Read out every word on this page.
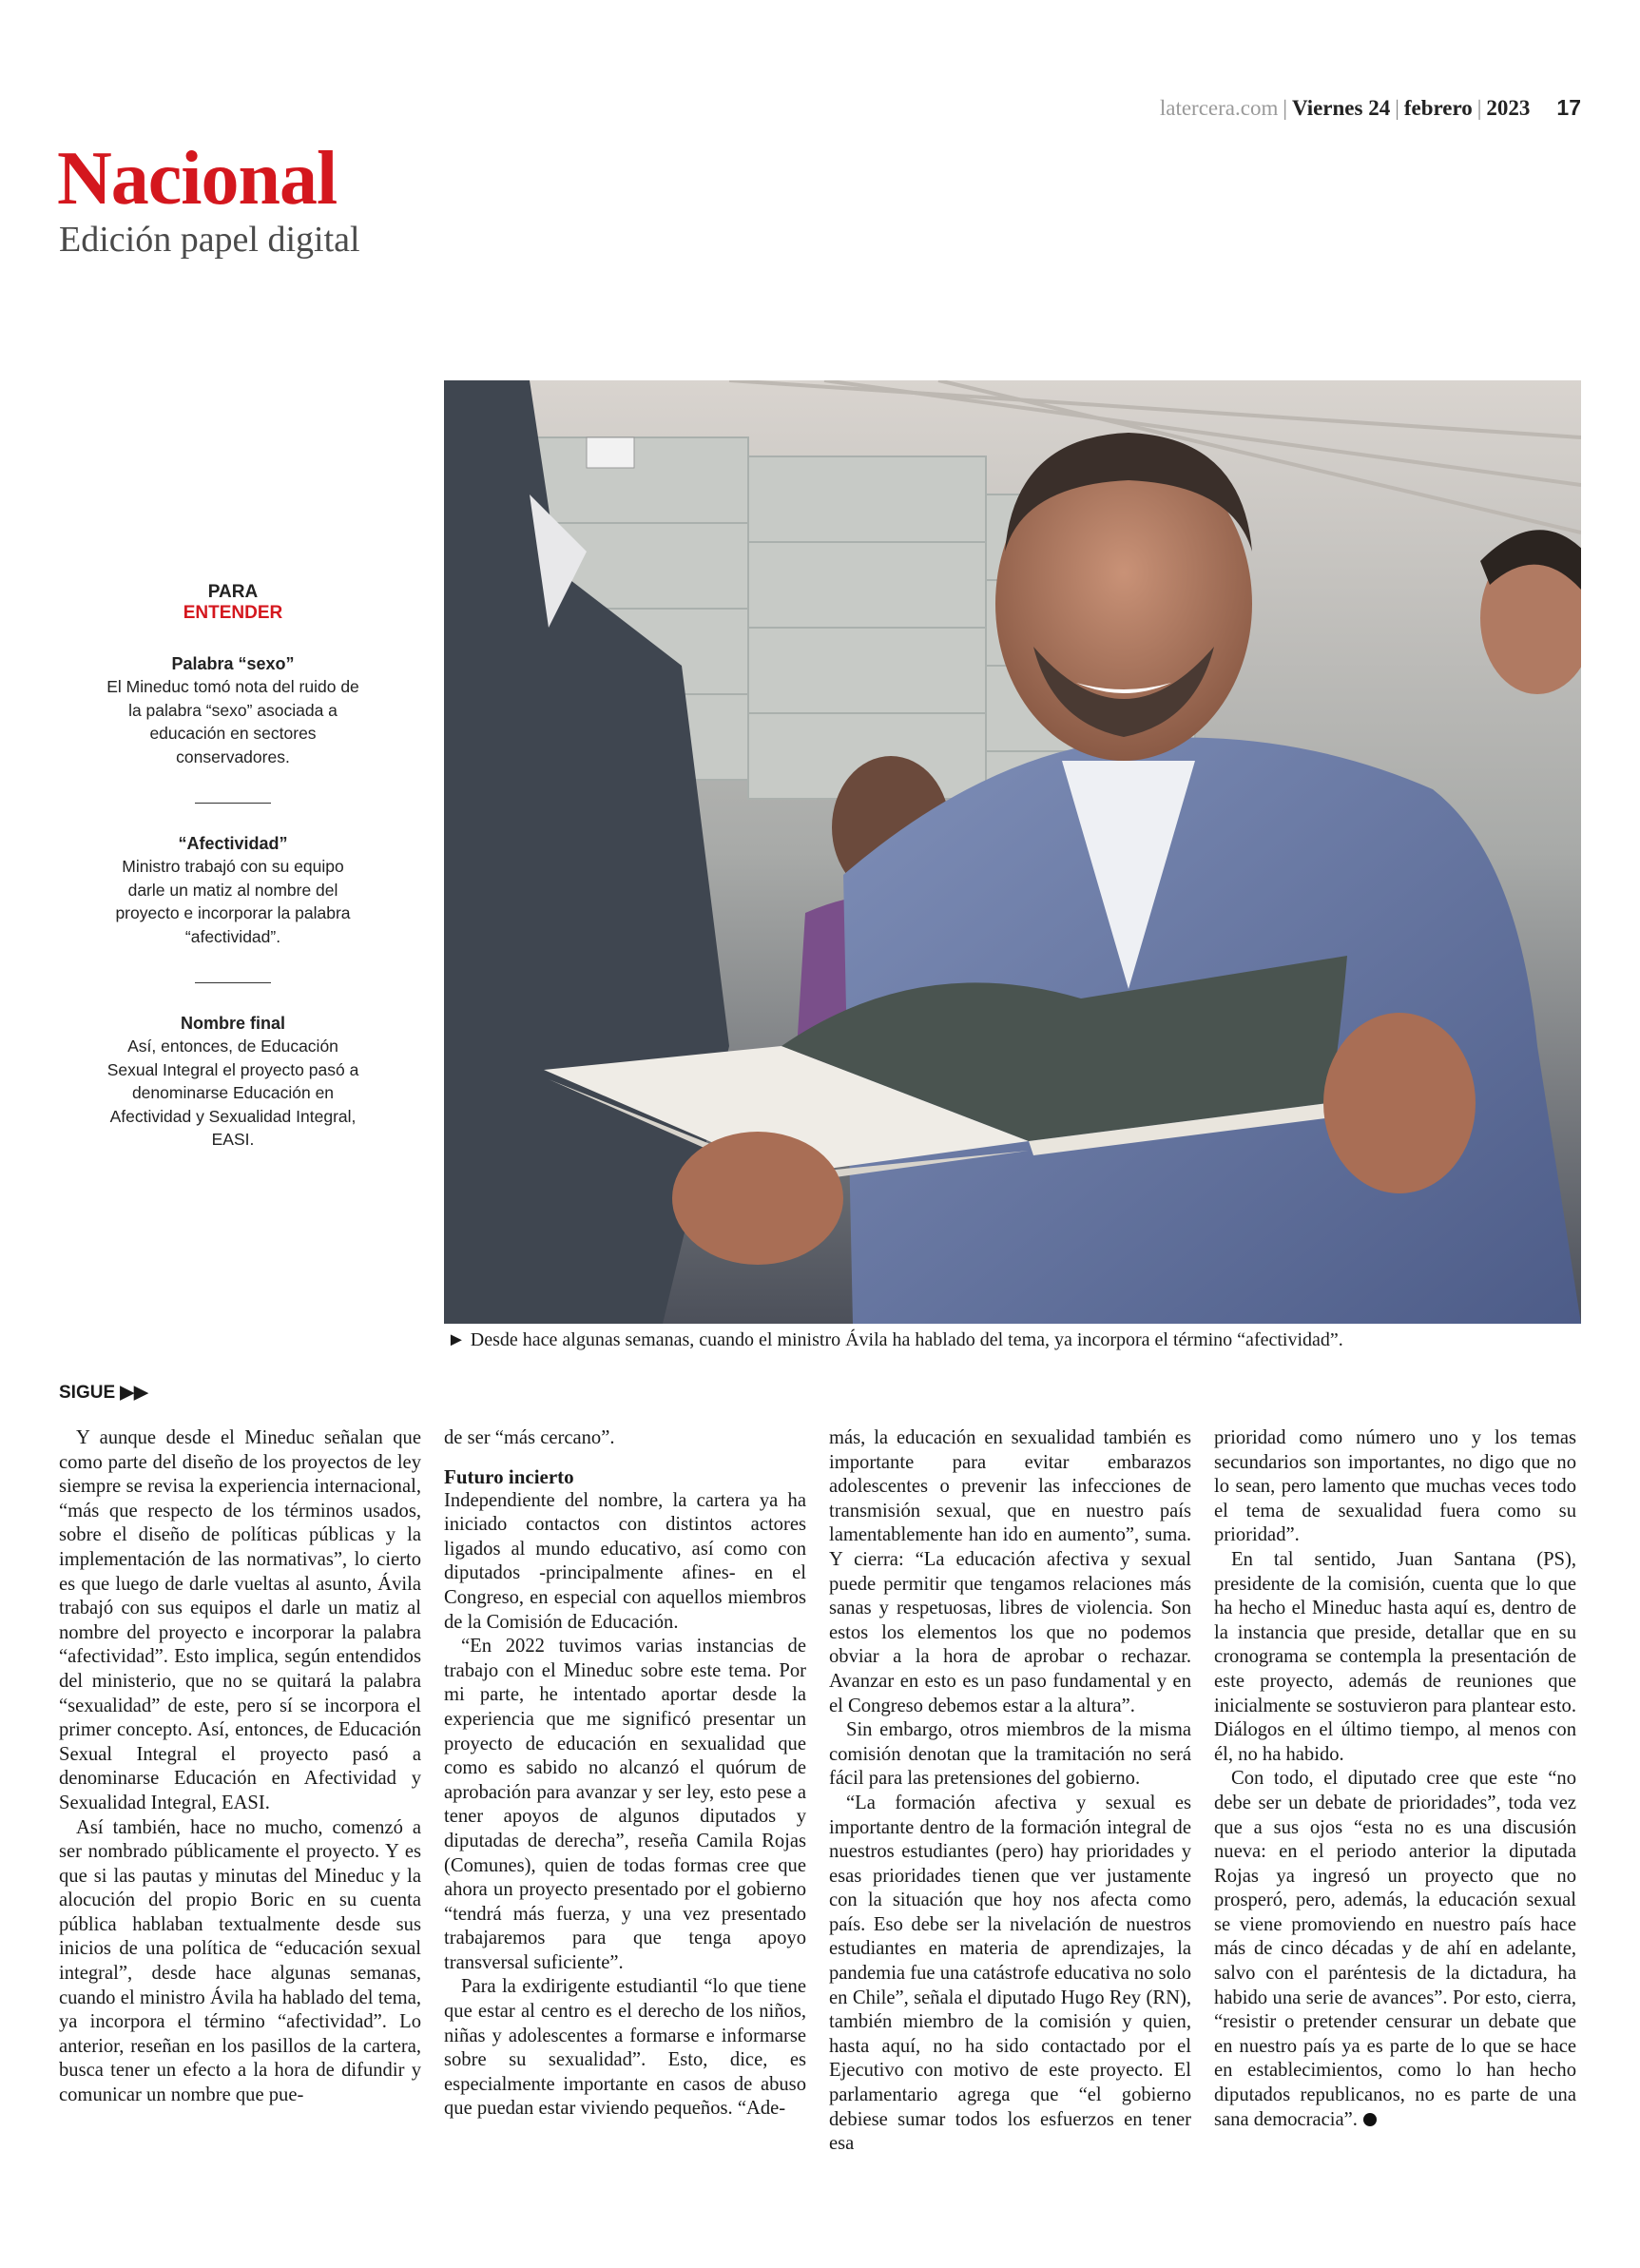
latercera.com | Viernes 24 | febrero | 2023 17
Nacional
Edición papel digital
► Desde hace algunas semanas, cuando el ministro Ávila ha hablado del tema, ya incorpora el término “afectividad”.
PARA
ENTENDER
Palabra “sexo”

El Mineduc tomó nota del ruido de la palabra “sexo” asociada a educación en sectores conservadores.

“Afectividad”

Ministro trabajó con su equipo darle un matiz al nombre del proyecto e incorporar la palabra “afectividad”.

Nombre final

Así, entonces, de Educación Sexual Integral el proyecto pasó a denominarse Educación en Afectividad y Sexualidad Integral, EASI.

SIGUE ▶▶

Y aunque desde el Mineduc señalan que como parte del diseño de los proyectos de ley siempre se revisa la experiencia internacional, “más que respecto de los términos usados, sobre el diseño de políticas públicas y la implementación de las normativas”, lo cierto es que luego de darle vueltas al asunto, Ávila trabajó con sus equipos el darle un matiz al nombre del proyecto e incorporar la palabra “afectividad”. Esto implica, según entendidos del ministerio, que no se quitará la palabra “sexualidad” de este, pero sí se incorpora el primer concepto. Así, entonces, de Educación Sexual Integral el proyecto pasó a denominarse Educación en Afectividad y Sexualidad Integral, EASI.

Así también, hace no mucho, comenzó a ser nombrado públicamente el proyecto. Y es que si las pautas y minutas del Mineduc y la alocución del propio Boric en su cuenta pública hablaban textualmente desde sus inicios de una política de “educación sexual integral”, desde hace algunas semanas, cuando el ministro Ávila ha hablado del tema, ya incorpora el término “afectividad”. Lo anterior, reseñan en los pasillos de la cartera, busca tener un efecto a la hora de difundir y comunicar un nombre que pue-

de ser “más cercano”.

Futuro incierto

Independiente del nombre, la cartera ya ha iniciado contactos con distintos actores ligados al mundo educativo, así como con diputados -principalmente afines- en el Congreso, en especial con aquellos miembros de la Comisión de Educación.

“En 2022 tuvimos varias instancias de trabajo con el Mineduc sobre este tema. Por mi parte, he intentado aportar desde la experiencia que me significó presentar un proyecto de educación en sexualidad que como es sabido no alcanzó el quórum de aprobación para avanzar y ser ley, esto pese a tener apoyos de algunos diputados y diputadas de derecha”, reseña Camila Rojas (Comunes), quien de todas formas cree que ahora un proyecto presentado por el gobierno “tendrá más fuerza, y una vez presentado trabajaremos para que tenga apoyo transversal suficiente”.

Para la exdirigente estudiantil “lo que tiene que estar al centro es el derecho de los niños, niñas y adolescentes a formarse e informarse sobre su sexualidad”. Esto, dice, es especialmente importante en casos de abuso que puedan estar viviendo pequeños. “Ade-

más, la educación en sexualidad también es importante para evitar embarazos adolescentes o prevenir las infecciones de transmisión sexual, que en nuestro país lamentablemente han ido en aumento”, suma. Y cierra: “La educación afectiva y sexual puede permitir que tengamos relaciones más sanas y respetuosas, libres de violencia. Son estos los elementos los que no podemos obviar a la hora de aprobar o rechazar. Avanzar en esto es un paso fundamental y en el Congreso debemos estar a la altura”.

Sin embargo, otros miembros de la misma comisión denotan que la tramitación no será fácil para las pretensiones del gobierno.

“La formación afectiva y sexual es importante dentro de la formación integral de nuestros estudiantes (pero) hay prioridades y esas prioridades tienen que ver justamente con la situación que hoy nos afecta como país. Eso debe ser la nivelación de nuestros estudiantes en materia de aprendizajes, la pandemia fue una catástrofe educativa no solo en Chile”, señala el diputado Hugo Rey (RN), también miembro de la comisión y quien, hasta aquí, no ha sido contactado por el Ejecutivo con motivo de este proyecto. El parlamentario agrega que “el gobierno debiese sumar todos los esfuerzos en tener esa

prioridad como número uno y los temas secundarios son importantes, no digo que no lo sean, pero lamento que muchas veces todo el tema de sexualidad fuera como su prioridad”.

En tal sentido, Juan Santana (PS), presidente de la comisión, cuenta que lo que ha hecho el Mineduc hasta aquí es, dentro de la instancia que preside, detallar que en su cronograma se contempla la presentación de este proyecto, además de reuniones que inicialmente se sostuvieron para plantear esto. Diálogos en el último tiempo, al menos con él, no ha habido.

Con todo, el diputado cree que este “no debe ser un debate de prioridades”, toda vez que a sus ojos “esta no es una discusión nueva: en el periodo anterior la diputada Rojas ya ingresó un proyecto que no prosperó, pero, además, la educación sexual se viene promoviendo en nuestro país hace más de cinco décadas y de ahí en adelante, salvo con el paréntesis de la dictadura, ha habido una serie de avances”. Por esto, cierra, “resistir o pretender censurar un debate que en nuestro país ya es parte de lo que se hace en establecimientos, como lo han hecho diputados republicanos, no es parte de una sana democracia”.
